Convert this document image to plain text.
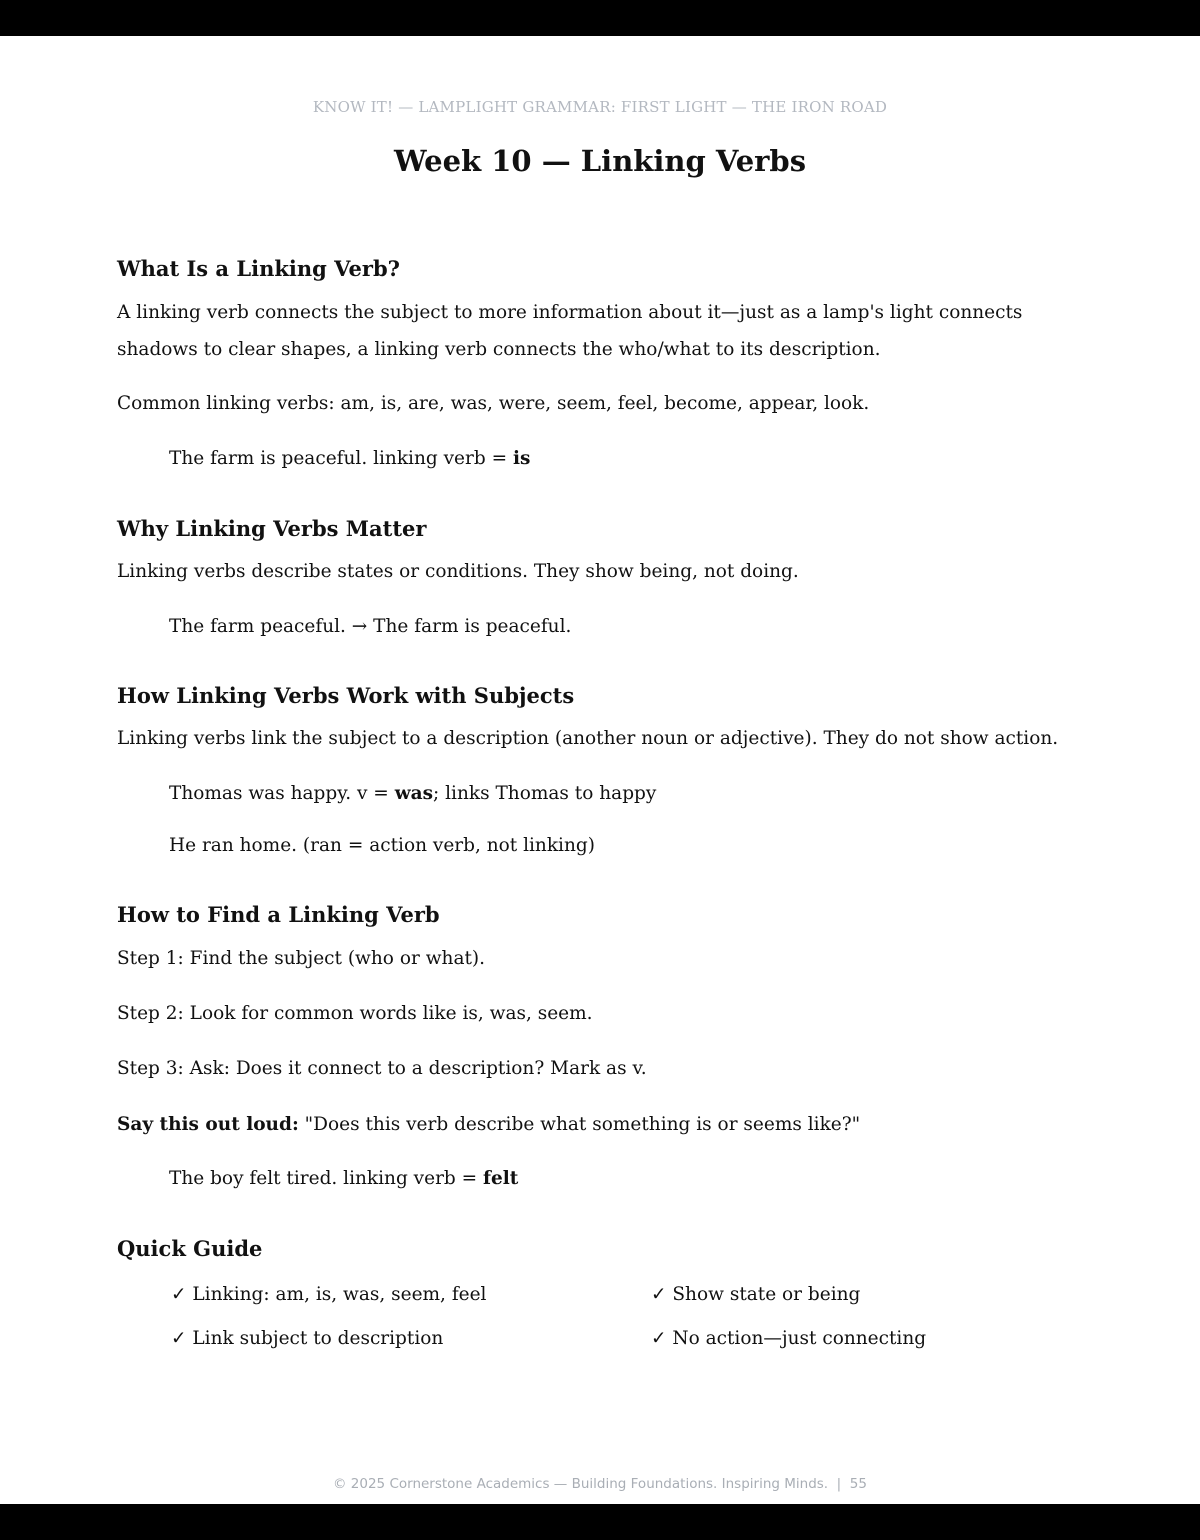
KNOW IT! — LAMPLIGHT GRAMMAR: FIRST LIGHT — THE IRON ROAD
Week 10 — Linking Verbs
What Is a Linking Verb?

A linking verb connects the subject to more information about it—just as a lamp's light connects shadows to clear shapes, a linking verb connects the who/what to its description.

Common linking verbs: am, is, are, was, were, seem, feel, become, appear, look.

The farm is peaceful. linking verb = is

Why Linking Verbs Matter

Linking verbs describe states or conditions. They show being, not doing.

The farm peaceful. → The farm is peaceful.

How Linking Verbs Work with Subjects

Linking verbs link the subject to a description (another noun or adjective). They do not show action.

Thomas was happy. v = was; links Thomas to happy

He ran home. (ran = action verb, not linking)

How to Find a Linking Verb

Step 1: Find the subject (who or what).

Step 2: Look for common words like is, was, seem.

Step 3: Ask: Does it connect to a description? Mark as v.

Say this out loud: "Does this verb describe what something is or seems like?"

The boy felt tired. linking verb = felt

Quick Guide

✓ Linking: am, is, was, seem, feel	✓ Show state or being

✓ Link subject to description	✓ No action—just connecting

© 2025 Cornerstone Academics — Building Foundations. Inspiring Minds.  |  55
